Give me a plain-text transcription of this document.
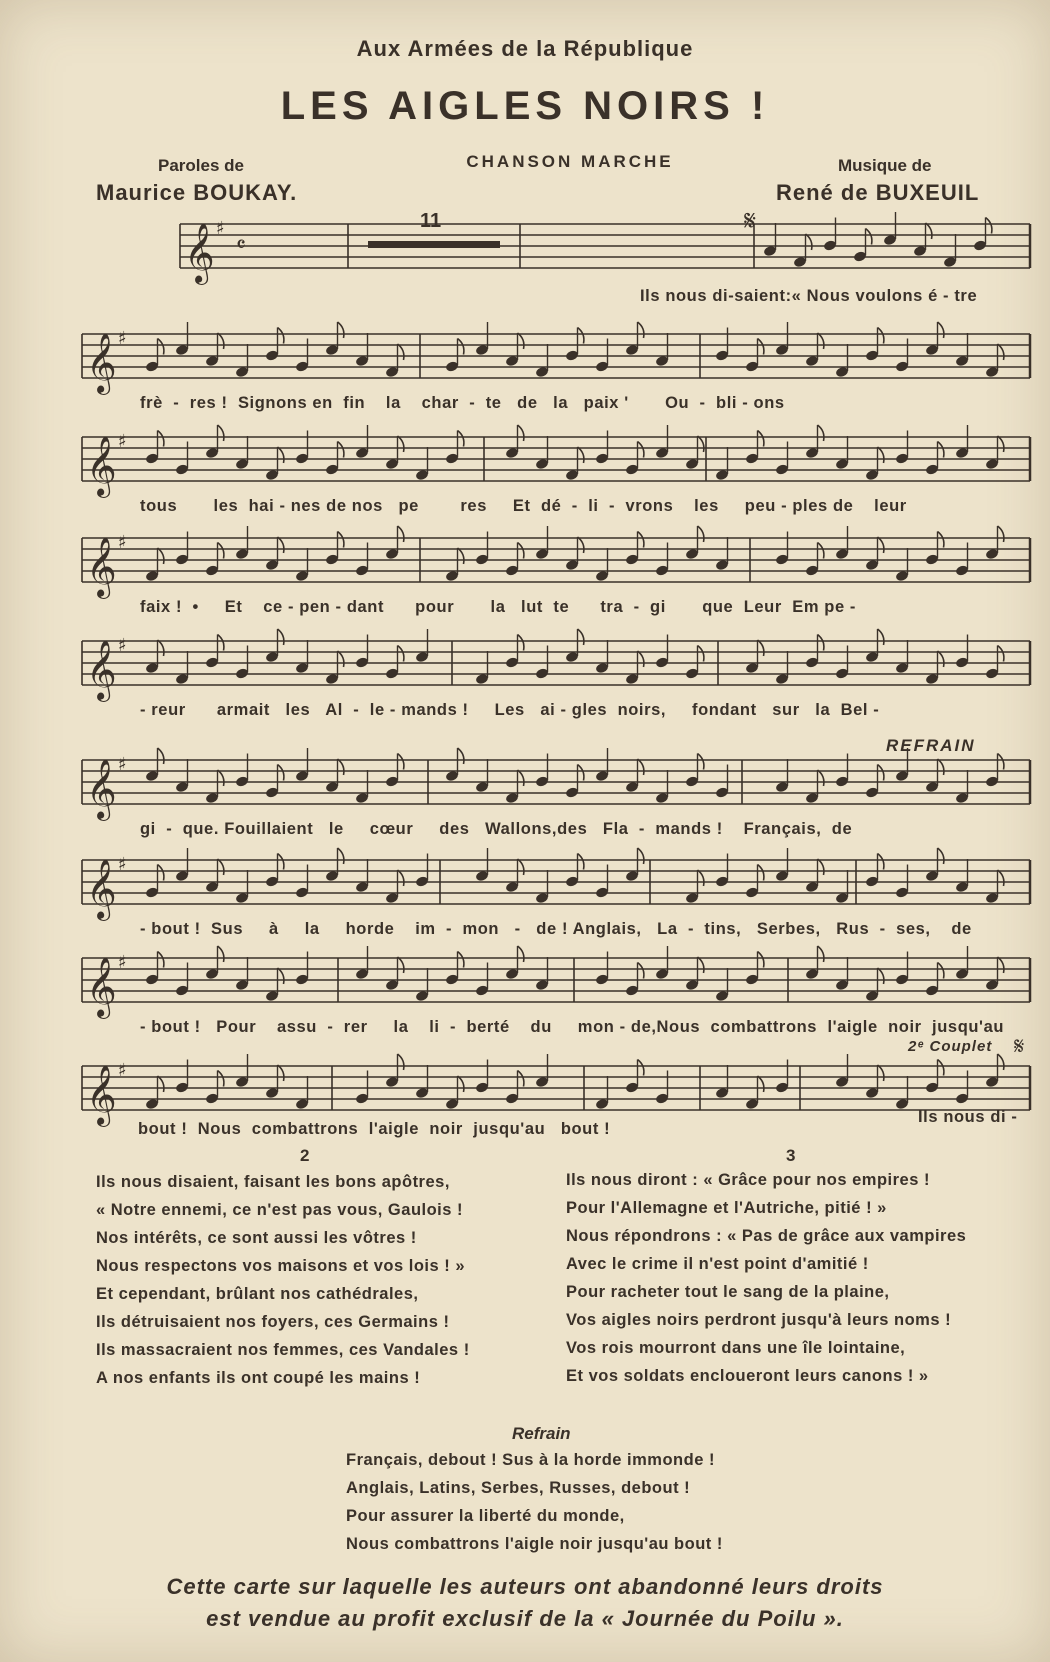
Aux Armées de la République
LES AIGLES NOIRS !
Paroles de
Maurice BOUKAY.
CHANSON MARCHE	Musique de
René de BUXEUIL
11	𝄋
𝄞 ♯
𝄴
Ils nous di-saient:« Nous voulons é - tre
𝄞 ♯
frè  -  res !  Signons en  fin    la    char  -  te   de   la   paix '       Ou  -  bli - ons
𝄞 ♯
tous       les  hai - nes de nos   pe        res     Et  dé  -  li  -  vrons    les     peu - ples de    leur
𝄞 ♯
faix !  •     Et    ce - pen - dant      pour       la   lut  te      tra  -  gi       que  Leur  Em pe -
𝄞 ♯
- reur      armait   les   Al  -  le - mands !     Les   ai - gles  noirs,     fondant   sur   la  Bel -
𝄞 ♯
gi  -  que. Fouillaient   le     cœur     des   Wallons,des   Fla  -  mands !    Français,  de
𝄞 ♯
- bout !  Sus     à     la     horde    im  -  mon   -   de ! Anglais,   La  -  tins,   Serbes,   Rus  -  ses,    de
𝄞 ♯
- bout !   Pour    assu  -  rer     la    li  -  berté    du     mon - de,Nous  combattrons  l'aigle  noir  jusqu'au
𝄞 ♯
bout !  Nous  combattrons  l'aigle  noir  jusqu'au   bout !
Ils nous di -
REFRAIN
2ᵉ Couplet 𝄋
2	3
Ils nous disaient, faisant les bons apôtres,
« Notre ennemi, ce n'est pas vous, Gaulois !
Nos intérêts, ce sont aussi les vôtres !
Nous respectons vos maisons et vos lois ! »
Et cependant, brûlant nos cathédrales,
Ils détruisaient nos foyers, ces Germains !
Ils massacraient nos femmes, ces Vandales !
A nos enfants ils ont coupé les mains !
Ils nous diront : « Grâce pour nos empires !
Pour l'Allemagne et l'Autriche, pitié ! »
Nous répondrons : « Pas de grâce aux vampires
Avec le crime il n'est point d'amitié !
Pour racheter tout le sang de la plaine,
Vos aigles noirs perdront jusqu'à leurs noms !
Vos rois mourront dans une île lointaine,
Et vos soldats encloueront leurs canons ! »
Refrain
Français, debout ! Sus à la horde immonde !
Anglais, Latins, Serbes, Russes, debout !
Pour assurer la liberté du monde,
Nous combattrons l'aigle noir jusqu'au bout !
Cette carte sur laquelle les auteurs ont abandonné leurs droits
est vendue au profit exclusif de la « Journée du Poilu ».
